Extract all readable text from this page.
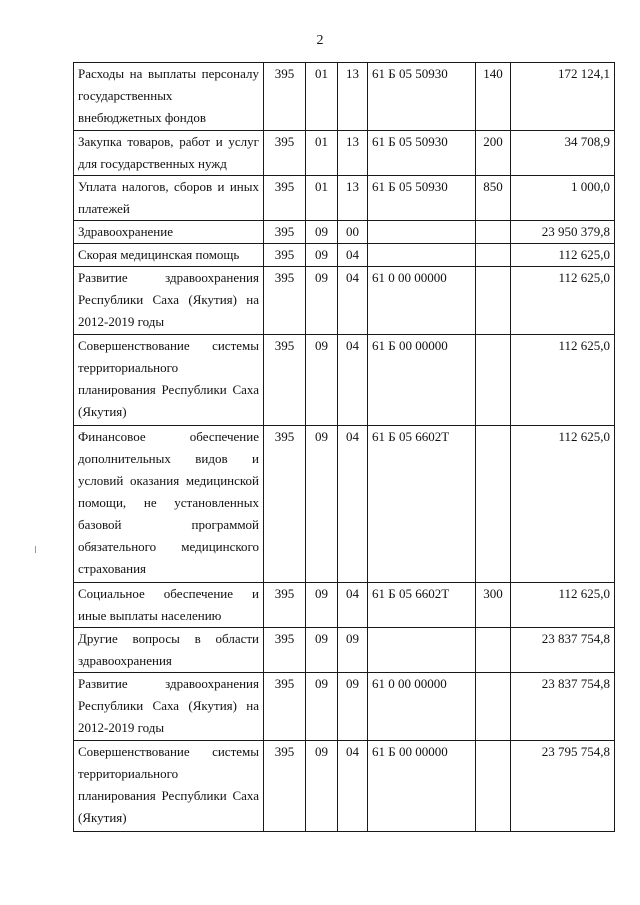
2
Расходы на выплаты персоналу государственных внебюджетных фондов	395	01	13	61 Б 05 50930	140	172 124,1
Закупка товаров, работ и услуг для государственных нужд	395	01	13	61 Б 05 50930	200	34 708,9
Уплата налогов, сборов и иных платежей	395	01	13	61 Б 05 50930	850	1 000,0
Здравоохранение	395	09	00			23 950 379,8
Скорая медицинская помощь	395	09	04			112 625,0
Развитие здравоохранения Республики Саха (Якутия) на 2012-2019 годы	395	09	04	61 0 00 00000		112 625,0
Совершенствование системы территориального планирования Республики Саха (Якутия)	395	09	04	61 Б 00 00000		112 625,0
Финансовое обеспечение дополнительных видов и условий оказания медицинской помощи, не установленных базовой программой обязательного медицинского страхования	395	09	04	61 Б 05 6602Т		112 625,0
Социальное обеспечение и иные выплаты населению	395	09	04	61 Б 05 6602Т	300	112 625,0
Другие вопросы в области здравоохранения	395	09	09			23 837 754,8
Развитие здравоохранения Республики Саха (Якутия) на 2012-2019 годы	395	09	09	61 0 00 00000		23 837 754,8
Совершенствование системы территориального планирования Республики Саха (Якутия)	395	09	04	61 Б 00 00000		23 795 754,8
